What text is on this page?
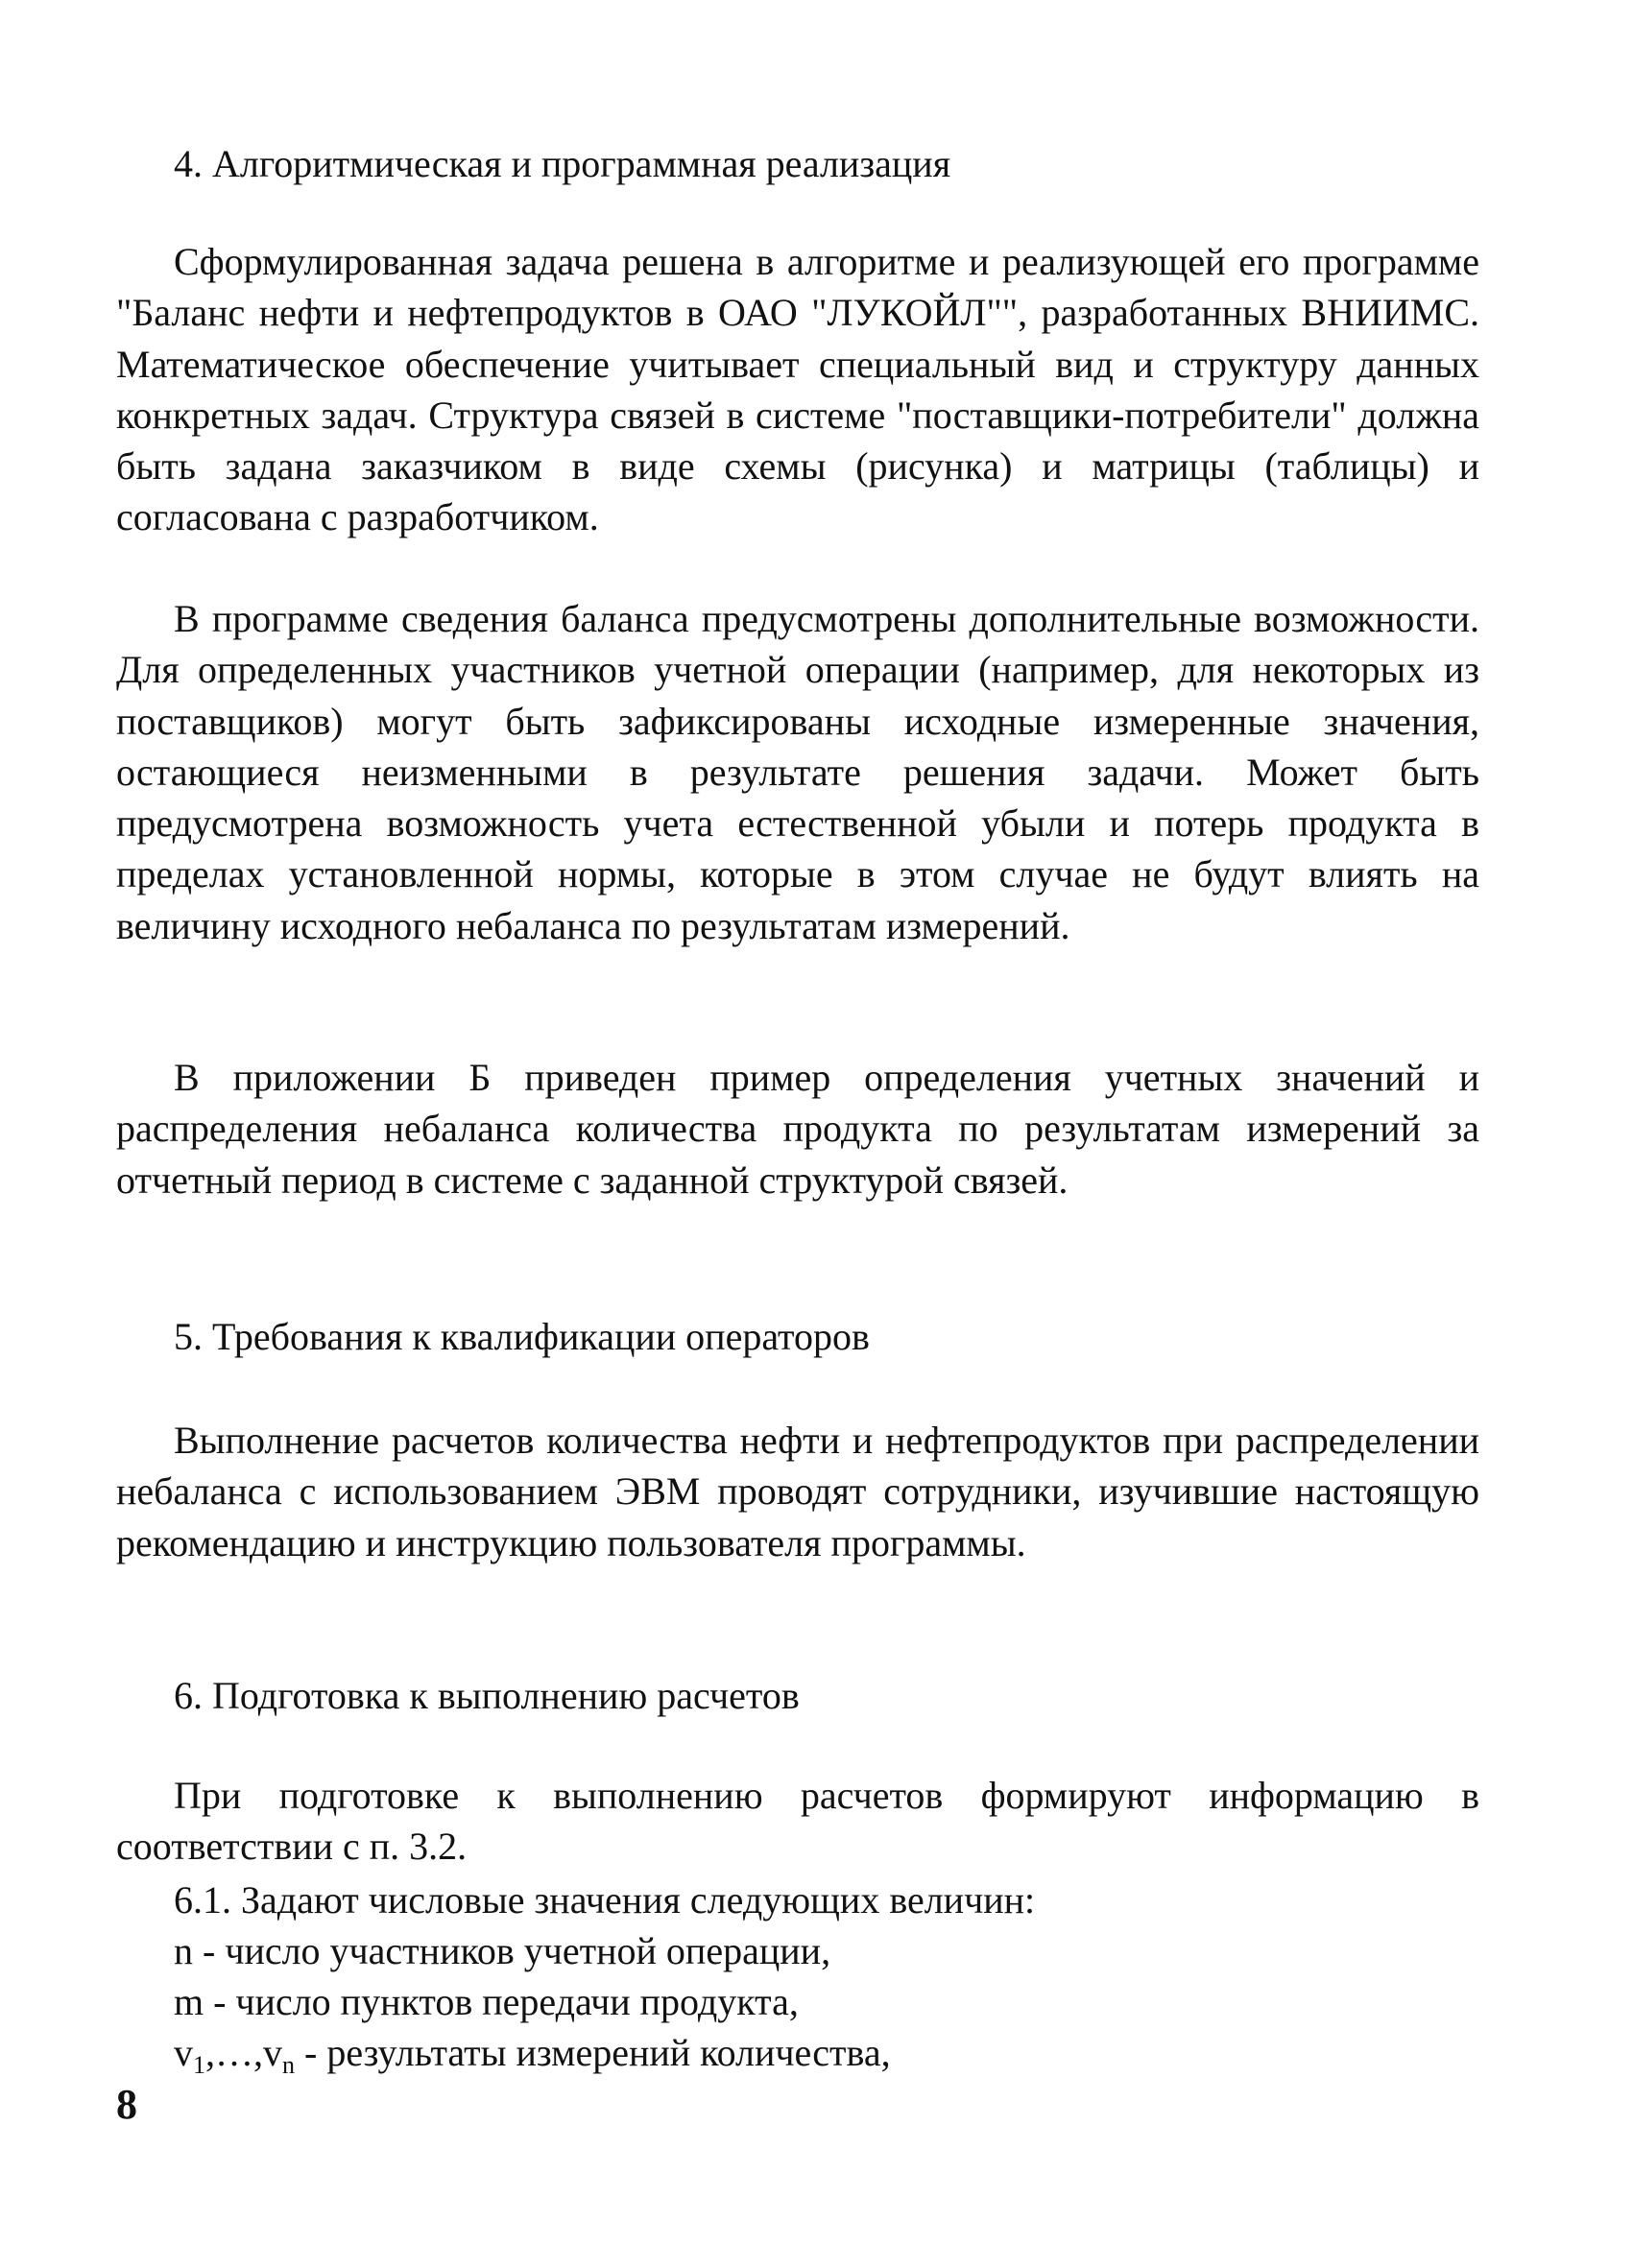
4. Алгоритмическая и программная реализация

Сформулированная задача решена в алгоритме и реализующей его программе "Баланс нефти и нефтепродуктов в ОАО "ЛУКОЙЛ"", разработанных ВНИИМС. Математическое обеспечение учитывает специальный вид и структуру данных конкретных задач. Структура связей в системе "поставщики-потребители" должна быть задана заказчиком в виде схемы (рисунка) и матрицы (таблицы) и согласована с разработчиком.

В программе сведения баланса предусмотрены дополнительные возможности. Для определенных участников учетной операции (например, для некоторых из поставщиков) могут быть зафиксированы исходные измеренные значения, остающиеся неизменными в результате решения задачи. Может быть предусмотрена возможность учета естественной убыли и потерь продукта в пределах установленной нормы, которые в этом случае не будут влиять на величину исходного небаланса по результатам измерений.

В приложении Б приведен пример определения учетных значений и распределения небаланса количества продукта по результатам измерений за отчетный период в системе с заданной структурой связей.

5. Требования к квалификации операторов

Выполнение расчетов количества нефти и нефтепродуктов при распределении небаланса с использованием ЭВМ проводят сотрудники, изучившие настоящую рекомендацию и инструкцию пользователя программы.

6. Подготовка к выполнению расчетов

При подготовке к выполнению расчетов формируют информацию в соответствии с п. 3.2.

6.1. Задают числовые значения следующих величин:
n - число участников учетной операции,
m - число пунктов передачи продукта,
$v_1,\dots,v_n$ - результаты измерений количества,
8
